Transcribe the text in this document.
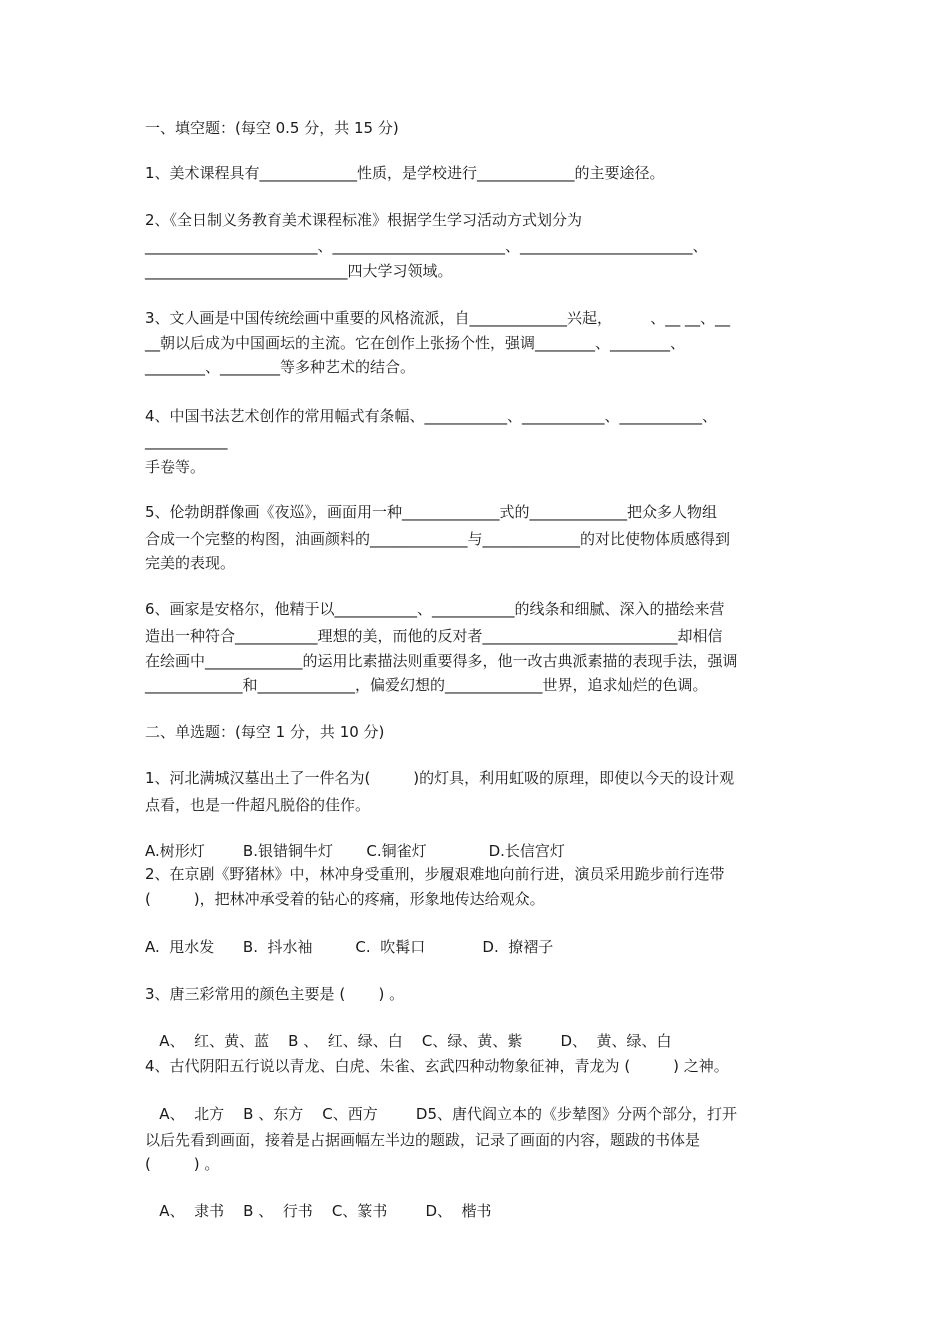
一、填空题：(每空 0.5 分，共 15 分)
1、美术课程具有_____________性质，是学校进行_____________的主要途径。
2、《全日制义务教育美术课程标准》根据学生学习活动方式划分为
_______________________、_______________________、_______________________、
___________________________四大学习领域。
3、文人画是中国传统绘画中重要的风格流派，自_____________兴起，        、__ __、__
__朝以后成为中国画坛的主流。它在创作上张扬个性，强调________、________、
________、________等多种艺术的结合。
4、中国书法艺术创作的常用幅式有条幅、___________、___________、___________、
___________
手卷等。
5、伦勃朗群像画《夜巡》，画面用一种_____________式的_____________把众多人物组
合成一个完整的构图，油画颜料的_____________与_____________的对比使物体质感得到
完美的表现。
6、画家是安格尔，他精于以___________、___________的线条和细腻、深入的描绘来营
造出一种符合___________理想的美，而他的反对者__________________________却相信
在绘画中_____________的运用比素描法则重要得多，他一改古典派素描的表现手法，强调
_____________和_____________，偏爱幻想的_____________世界，追求灿烂的色调。
二、单选题：(每空 1 分，共 10 分)
1、河北满城汉墓出土了一件名为(         )的灯具，利用虹吸的原理，即使以今天的设计观
点看，也是一件超凡脱俗的佳作。
A.树形灯        B.银错铜牛灯       C.铜雀灯             D.长信宫灯
2、在京剧《野猪林》中，林冲身受重刑，步履艰难地向前行进，演员采用跪步前行连带
(         )，把林冲承受着的钻心的疼痛，形象地传达给观众。
A.  甩水发      B.  抖水袖         C.  吹髯口            D.  撩褶子
3、唐三彩常用的颜色主要是 (       ) 。
A、  红、黄、蓝    B 、  红、绿、白    C、绿、黄、紫        D、  黄、绿、白
4、古代阴阳五行说以青龙、白虎、朱雀、玄武四种动物象征神，青龙为 (         ) 之神。
A、  北方    B 、东方    C、西方        D5、唐代阎立本的《步辇图》分两个部分，打开
以后先看到画面，接着是占据画幅左半边的题跋，记录了画面的内容，题跋的书体是
(         ) 。
A、  隶书    B 、  行书    C、篆书        D、  楷书
